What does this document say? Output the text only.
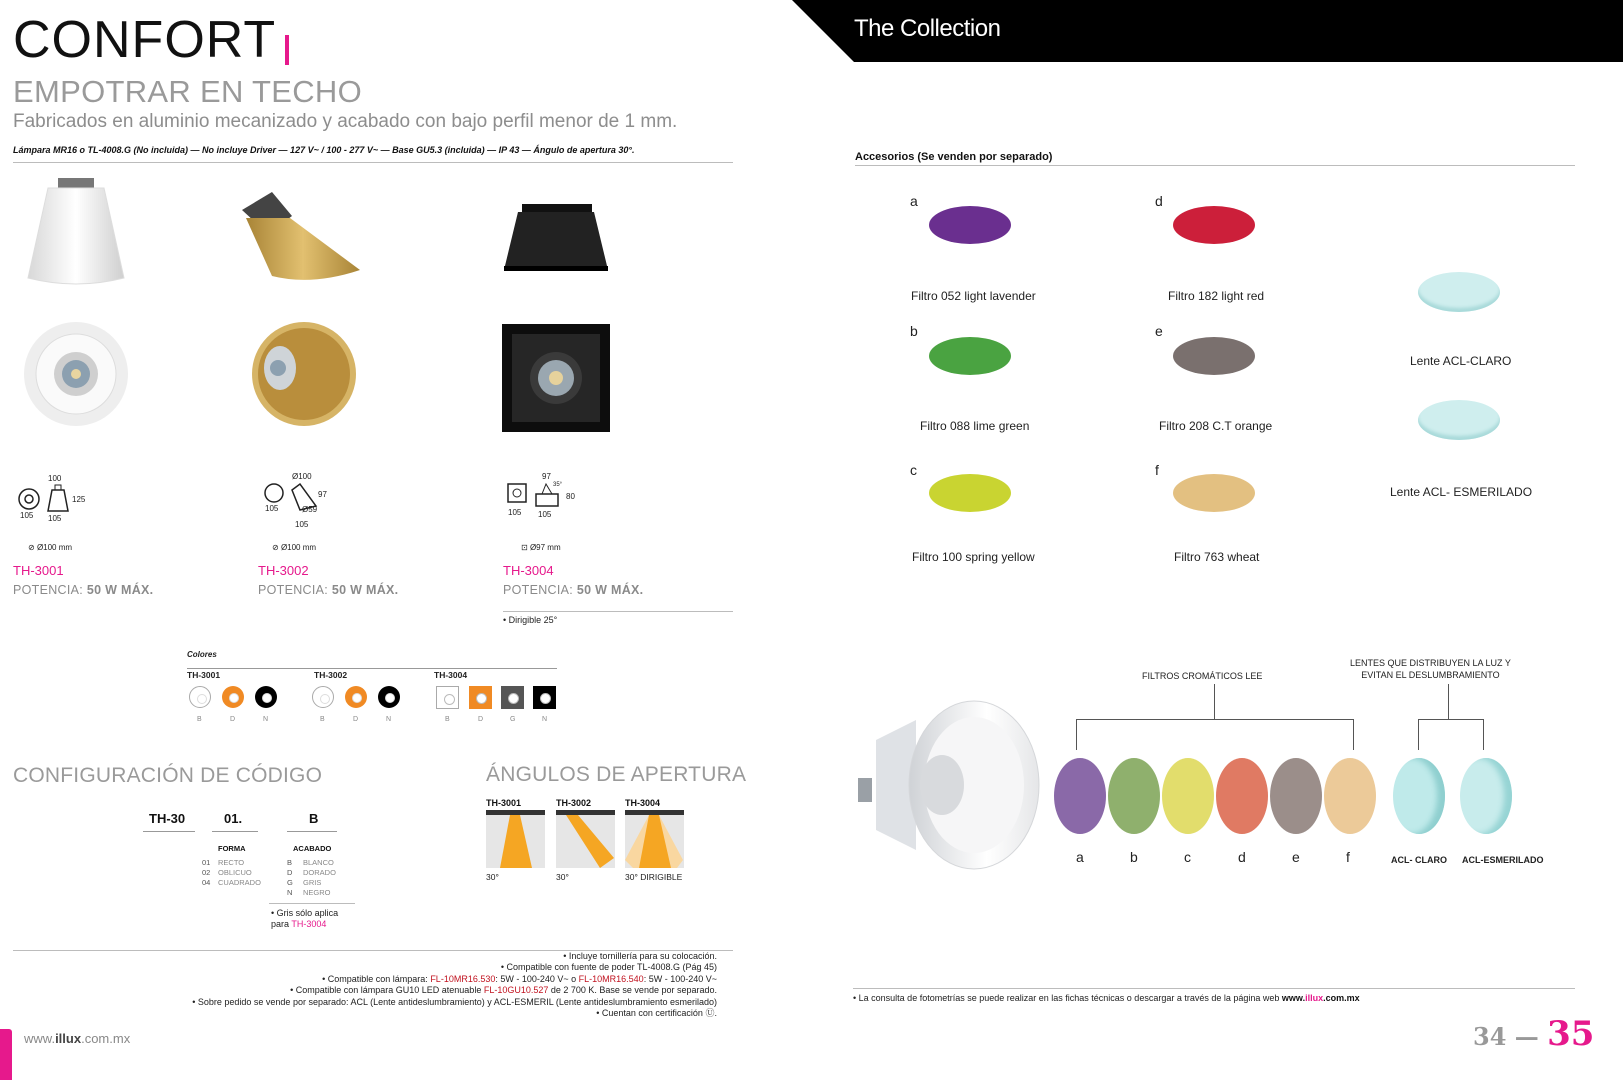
CONFORT
EMPOTRAR EN TECHO
Fabricados en aluminio mecanizado y acabado con bajo perfil menor de 1 mm.
Lámpara MR16 o TL-4008.G (No incluida) — No incluye Driver — 127 V~ / 100 - 277 V~ — Base GU5.3 (incluida) — IP 43 — Ángulo de apertura 30°.
100
125
105 105
Ø100
97
105	Ø59
105
97
80
105 105
35°
⊘ Ø100 mm	⊘ Ø100 mm	⊡ Ø97 mm
TH-3001
POTENCIA: 50 W MÁX.
TH-3002
POTENCIA: 50 W MÁX.
TH-3004
POTENCIA: 50 W MÁX.
• Dirigible 25°
Colores
TH-3001	TH-3002	TH-3004
B	D	N	B	D	N	B	D	G	N
CONFIGURACIÓN DE CÓDIGO
TH-30	01.	B
FORMA
01 RECTO
02 OBLICUO
04 CUADRADO
ACABADO
B BLANCO
D DORADO
G GRIS
N NEGRO
• Gris sólo aplica
para TH-3004
ÁNGULOS DE APERTURA
TH-3001	TH-3002	TH-3004
30°	30°	30° DIRIGIBLE
• Incluye tornillería para su colocación.
• Compatible con fuente de poder TL-4008.G (Pág 45)
• Compatible con lámpara: FL-10MR16.530: 5W - 100-240 V~ o FL-10MR16.540: 5W - 100-240 V~
• Compatible con lámpara GU10 LED atenuable FL-10GU10.527 de 2 700 K. Base se vende por separado.
• Sobre pedido se vende por separado: ACL (Lente antideslumbramiento) y ACL-ESMERIL (Lente antideslumbramiento esmerilado)
• Cuentan con certificación Ⓤ.
www.illux.com.mx
The Collection
Accesorios (Se venden por separado)
a
Filtro 052 light lavender
b
Filtro 088 lime green
c
Filtro 100 spring yellow
d
Filtro 182 light red
e
Filtro 208 C.T orange
f
Filtro 763 wheat
Lente ACL-CLARO
Lente ACL- ESMERILADO
FILTROS CROMÁTICOS LEE
LENTES QUE DISTRIBUYEN LA LUZ Y
EVITAN EL DESLUMBRAMIENTO
a	b	c	d	e	f	ACL- CLARO ACL-ESMERILADO
• La consulta de fotometrías se puede realizar en las fichas técnicas o descargar a través de la página web www.illux.com.mx
34 — 35
